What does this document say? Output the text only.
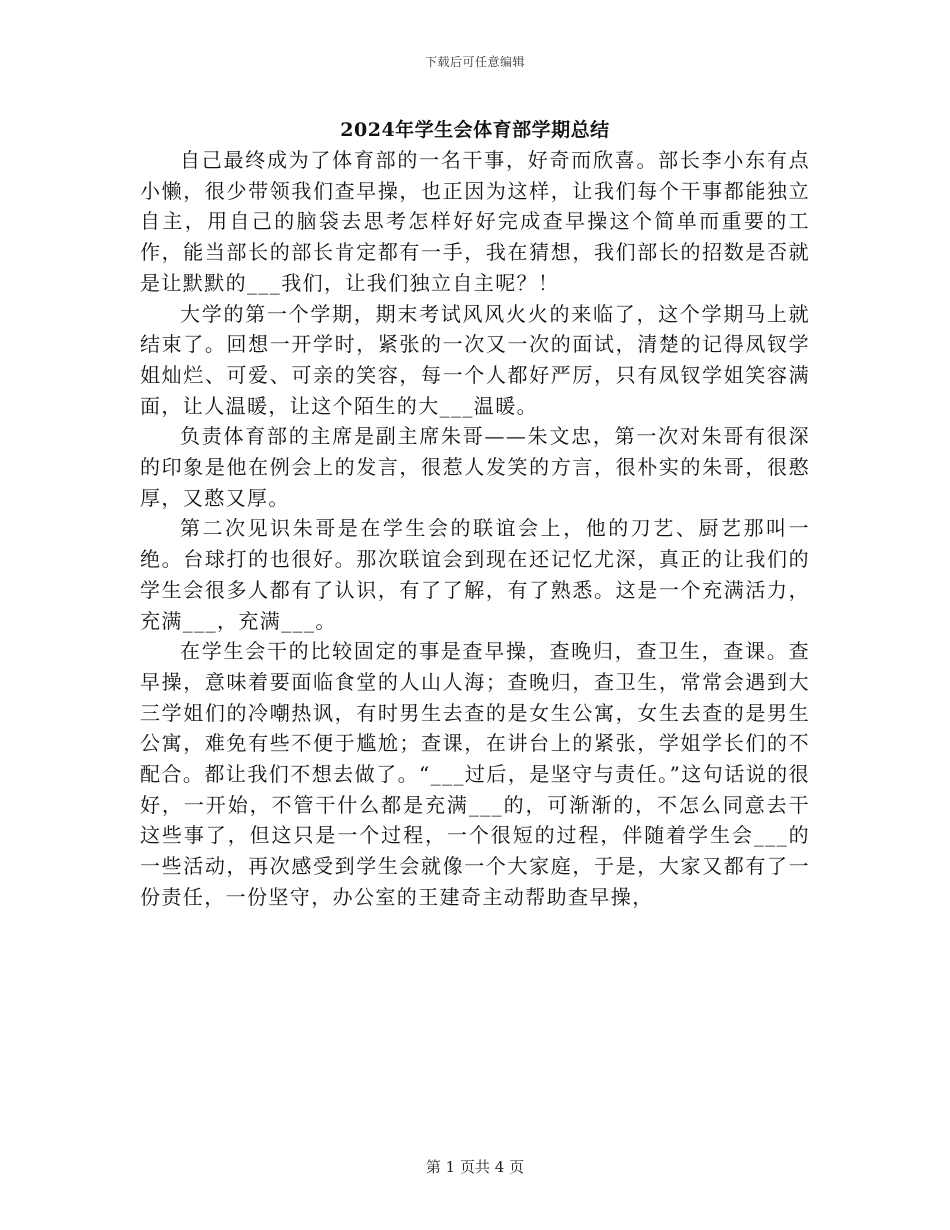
下载后可任意编辑
2024年学生会体育部学期总结

自己最终成为了体育部的一名干事，好奇而欣喜。部长李小东有点小懒，很少带领我们查早操，也正因为这样，让我们每个干事都能独立自主，用自己的脑袋去思考怎样好好完成查早操这个简单而重要的工作，能当部长的部长肯定都有一手，我在猜想，我们部长的招数是否就是让默默的___我们，让我们独立自主呢？！

大学的第一个学期，期末考试风风火火的来临了，这个学期马上就结束了。回想一开学时，紧张的一次又一次的面试，清楚的记得凤钗学姐灿烂、可爱、可亲的笑容，每一个人都好严厉，只有凤钗学姐笑容满面，让人温暖，让这个陌生的大___温暖。

负责体育部的主席是副主席朱哥——朱文忠，第一次对朱哥有很深的印象是他在例会上的发言，很惹人发笑的方言，很朴实的朱哥，很憨厚，又憨又厚。

第二次见识朱哥是在学生会的联谊会上，他的刀艺、厨艺那叫一绝。台球打的也很好。那次联谊会到现在还记忆尤深，真正的让我们的学生会很多人都有了认识，有了了解，有了熟悉。这是一个充满活力，充满___，充满___。

在学生会干的比较固定的事是查早操，查晚归，查卫生，查课。查早操，意味着要面临食堂的人山人海；查晚归，查卫生，常常会遇到大三学姐们的冷嘲热讽，有时男生去查的是女生公寓，女生去查的是男生公寓，难免有些不便于尴尬；查课，在讲台上的紧张，学姐学长们的不配合。都让我们不想去做了。“___过后，是坚守与责任。”这句话说的很好，一开始，不管干什么都是充满___的，可渐渐的，不怎么同意去干这些事了，但这只是一个过程，一个很短的过程，伴随着学生会___的一些活动，再次感受到学生会就像一个大家庭，于是，大家又都有了一份责任，一份坚守，办公室的王建奇主动帮助查早操，

第 1 页共 4 页
